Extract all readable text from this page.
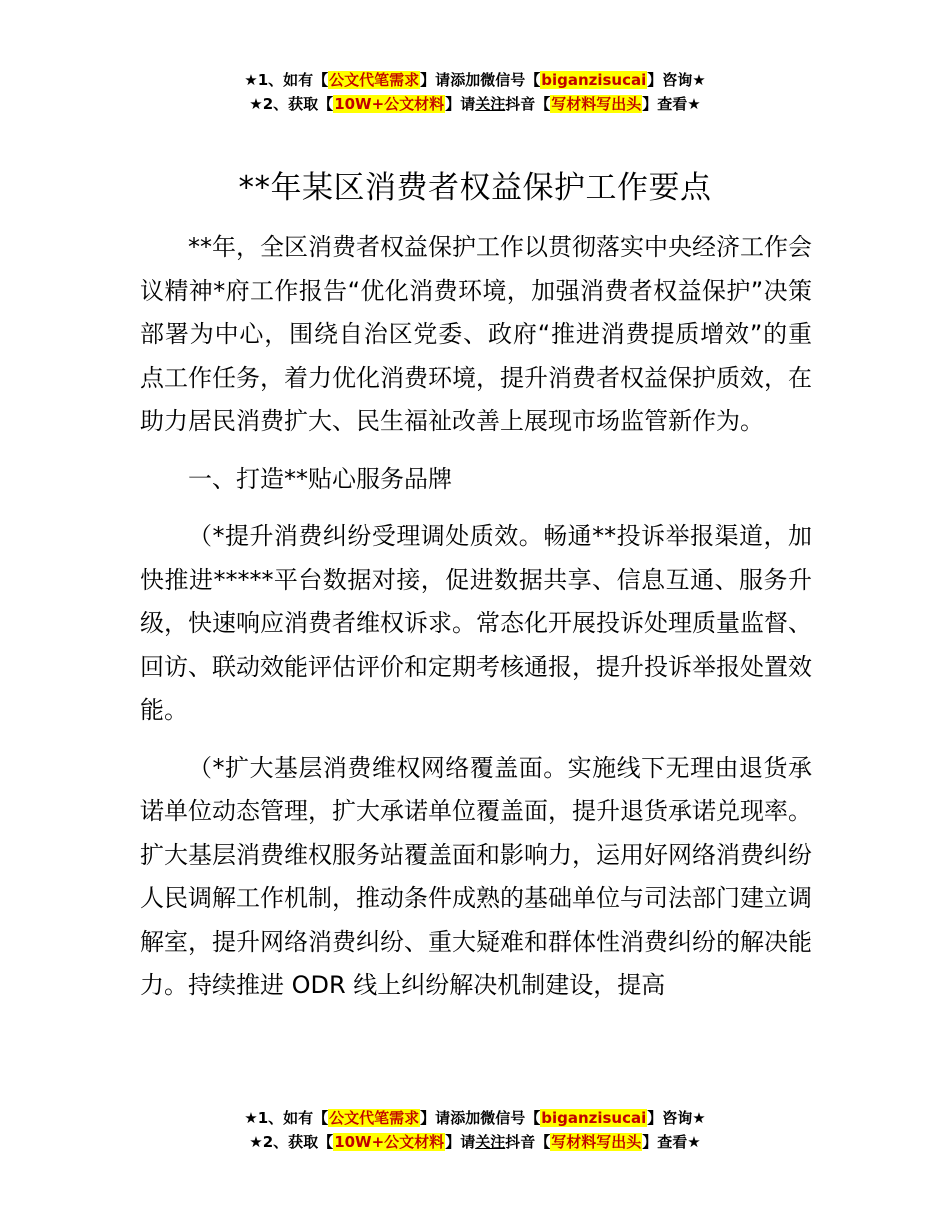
★1、如有【公文代笔需求】请添加微信号【biganzisucai】咨询★
★2、获取【10W+公文材料】请关注抖音【写材料写出头】查看★
**年某区消费者权益保护工作要点

**年，全区消费者权益保护工作以贯彻落实中央经济工作会议精神*府工作报告“优化消费环境，加强消费者权益保护”决策部署为中心，围绕自治区党委、政府“推进消费提质增效”的重点工作任务，着力优化消费环境，提升消费者权益保护质效，在助力居民消费扩大、民生福祉改善上展现市场监管新作为。

一、打造**贴心服务品牌

（*提升消费纠纷受理调处质效。畅通**投诉举报渠道，加快推进*****平台数据对接，促进数据共享、信息互通、服务升级，快速响应消费者维权诉求。常态化开展投诉处理质量监督、回访、联动效能评估评价和定期考核通报，提升投诉举报处置效能。

（*扩大基层消费维权网络覆盖面。实施线下无理由退货承诺单位动态管理，扩大承诺单位覆盖面，提升退货承诺兑现率。扩大基层消费维权服务站覆盖面和影响力，运用好网络消费纠纷人民调解工作机制，推动条件成熟的基础单位与司法部门建立调解室，提升网络消费纠纷、重大疑难和群体性消费纠纷的解决能力。持续推进 ODR 线上纠纷解决机制建设，提高

★1、如有【公文代笔需求】请添加微信号【biganzisucai】咨询★
★2、获取【10W+公文材料】请关注抖音【写材料写出头】查看★
